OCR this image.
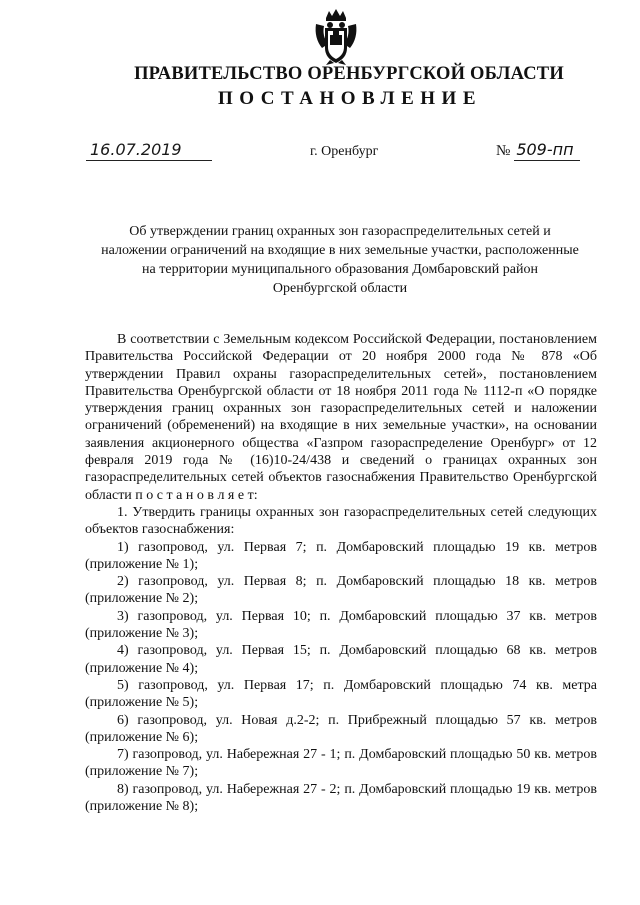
ПРАВИТЕЛЬСТВО ОРЕНБУРГСКОЙ ОБЛАСТИ
ПОСТАНОВЛЕНИЕ
16.07.2019	г. Оренбург	№ 509-пп
Об утверждении границ охранных зон газораспределительных сетей и наложении ограничений на входящие в них земельные участки, расположенные на территории муниципального образования Домбаровский район Оренбургской области

В соответствии с Земельным кодексом Российской Федерации, постановлением Правительства Российской Федерации от 20 ноября 2000 года № 878 «Об утверждении Правил охраны газораспределительных сетей», постановлением Правительства Оренбургской области от 18 ноября 2011 года № 1112-п «О порядке утверждения границ охранных зон газораспределительных сетей и наложении ограничений (обременений) на входящие в них земельные участки», на основании заявления акционерного общества «Газпром газораспределение Оренбург» от 12 февраля 2019 года № (16)10-24/438 и сведений о границах охранных зон газораспределительных сетей объектов газоснабжения Правительство Оренбургской области п о с т а н о в л я е т:

1. Утвердить границы охранных зон газораспределительных сетей следующих объектов газоснабжения:

1) газопровод, ул. Первая 7; п. Домбаровский площадью 19 кв. метров (приложение № 1);

2) газопровод, ул. Первая 8; п. Домбаровский площадью 18 кв. метров (приложение № 2);

3) газопровод, ул. Первая 10; п. Домбаровский площадью 37 кв. метров (приложение № 3);

4) газопровод, ул. Первая 15; п. Домбаровский площадью 68 кв. метров (приложение № 4);

5) газопровод, ул. Первая 17; п. Домбаровский площадью 74 кв. метра (приложение № 5);

6) газопровод, ул. Новая д.2-2; п. Прибрежный площадью 57 кв. метров (приложение № 6);

7) газопровод, ул. Набережная 27 - 1; п. Домбаровский площадью 50 кв. метров (приложение № 7);

8) газопровод, ул. Набережная 27 - 2; п. Домбаровский площадью 19 кв. метров (приложение № 8);
